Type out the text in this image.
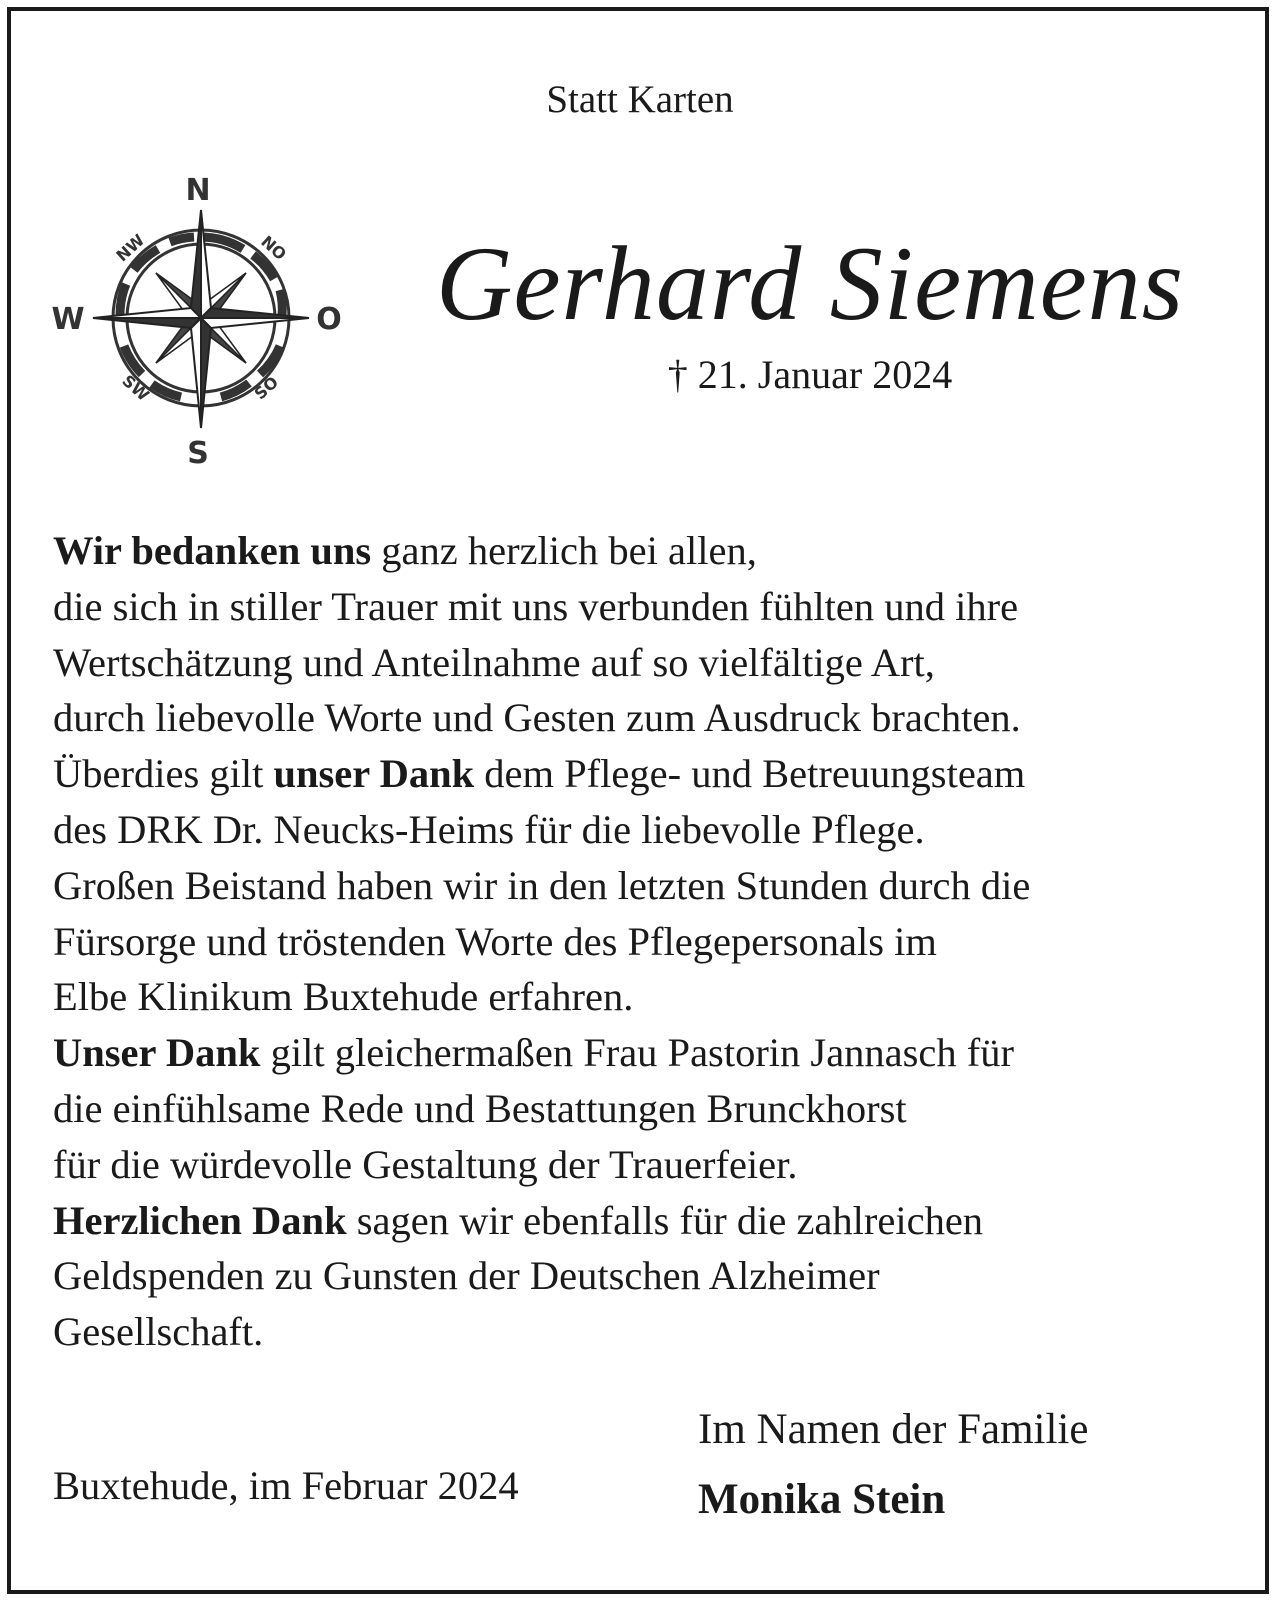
Statt Karten
N
S
W	O
NW	NO
SW	SO
Gerhard Siemens
† 21. Januar 2024
Wir bedanken uns ganz herzlich bei allen,
die sich in stiller Trauer mit uns verbunden fühlten und ihre
Wertschätzung und Anteilnahme auf so vielfältige Art,
durch liebevolle Worte und Gesten zum Ausdruck brachten.
Überdies gilt unser Dank dem Pflege- und Betreuungsteam
des DRK Dr. Neucks-Heims für die liebevolle Pflege.
Großen Beistand haben wir in den letzten Stunden durch die
Fürsorge und tröstenden Worte des Pflegepersonals im
Elbe Klinikum Buxtehude erfahren.
Unser Dank gilt gleichermaßen Frau Pastorin Jannasch für
die einfühlsame Rede und Bestattungen Brunckhorst
für die würdevolle Gestaltung der Trauerfeier.
Herzlichen Dank sagen wir ebenfalls für die zahlreichen
Geldspenden zu Gunsten der Deutschen Alzheimer
Gesellschaft.
Buxtehude, im Februar 2024
Im Namen der Familie
Monika Stein
